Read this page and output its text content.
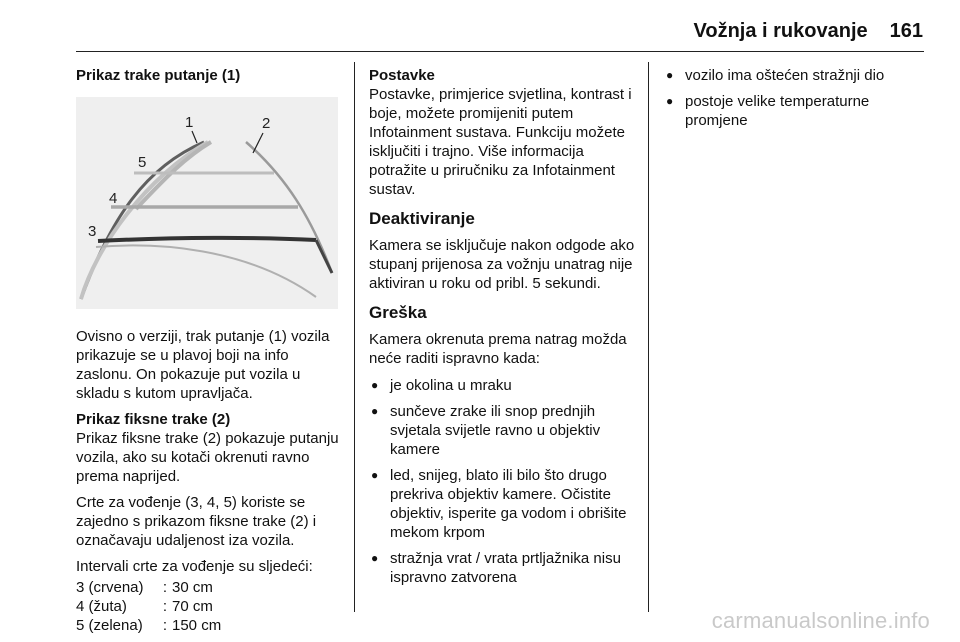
Vožnja i rukovanje 161
Prikaz trake putanje (1)
1	2
3
4
5

Ovisno o verziji, trak putanje (1) vozila prikazuje se u plavoj boji na info zaslonu. On pokazuje put vozila u skladu s kutom upravljača.

Prikaz fiksne trake (2)

Prikaz fiksne trake (2) pokazuje putanju vozila, ako su kotači okrenuti ravno prema naprijed.

Crte za vođenje (3, 4, 5) koriste se zajedno s prikazom fiksne trake (2) i označavaju udaljenost iza vozila.

Intervali crte za vođenje su sljedeći:

3 (crvena)	:	30 cm
4 (žuta)	:	70 cm
5 (zelena)	:	150 cm
Postavke

Postavke, primjerice svjetlina, kontrast i boje, možete promijeniti putem Infotainment sustava. Funkciju možete isključiti i trajno. Više informacija potražite u priručniku za Infotainment sustav.

Deaktiviranje

Kamera se isključuje nakon odgode ako stupanj prijenosa za vožnju unatrag nije aktiviran u roku od pribl. 5 sekundi.

Greška

Kamera okrenuta prema natrag možda neće raditi ispravno kada:

● je okolina u mraku
● sunčeve zrake ili snop prednjih svjetala svijetle ravno u objektiv kamere
● led, snijeg, blato ili bilo što drugo prekriva objektiv kamere. Očistite objektiv, isperite ga vodom i obrišite mekom krpom
● stražnja vrat / vrata prtljažnika nisu ispravno zatvorena
● vozilo ima oštećen stražnji dio
● postoje velike temperaturne promjene
carmanualsonline.info
